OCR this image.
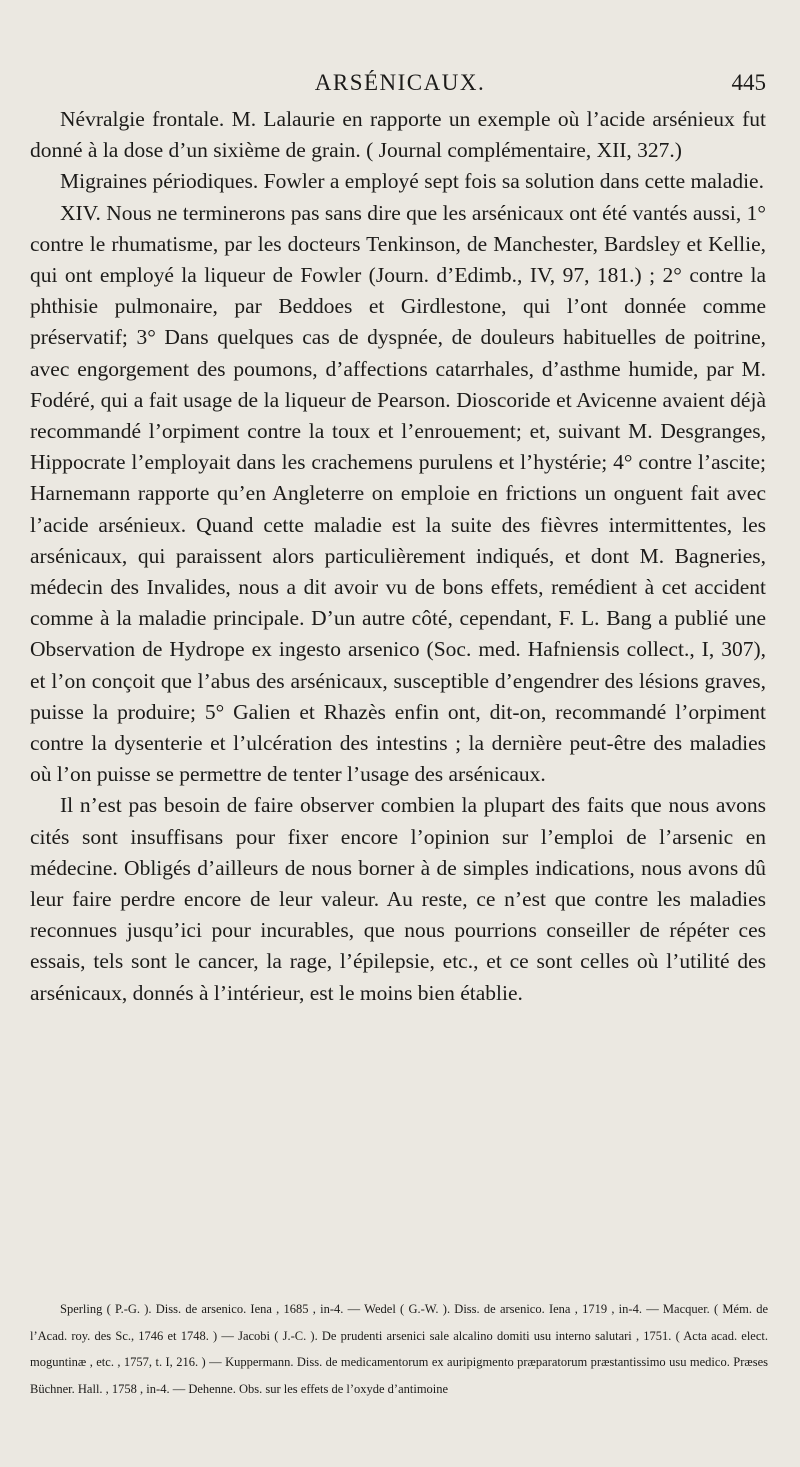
ARSÉNICAUX.	445

Névralgie frontale. M. Lalaurie en rapporte un exemple où l’acide arsénieux fut donné à la dose d’un sixième de grain. ( Journal complémentaire, XII, 327.)

Migraines périodiques. Fowler a employé sept fois sa solution dans cette maladie.

XIV. Nous ne terminerons pas sans dire que les arsénicaux ont été vantés aussi, 1° contre le rhumatisme, par les docteurs Tenkinson, de Manchester, Bardsley et Kellie, qui ont employé la liqueur de Fowler (Journ. d’Edimb., IV, 97, 181.) ; 2° contre la phthisie pulmonaire, par Beddoes et Girdlestone, qui l’ont donnée comme préservatif; 3° Dans quelques cas de dyspnée, de douleurs habituelles de poitrine, avec engorgement des poumons, d’affections catarrhales, d’asthme humide, par M. Fodéré, qui a fait usage de la liqueur de Pearson. Dioscoride et Avicenne avaient déjà recommandé l’orpiment contre la toux et l’enrouement; et, suivant M. Desgranges, Hippocrate l’employait dans les crachemens purulens et l’hystérie; 4° contre l’ascite; Harnemann rapporte qu’en Angleterre on emploie en frictions un onguent fait avec l’acide arsénieux. Quand cette maladie est la suite des fièvres intermittentes, les arsénicaux, qui paraissent alors particulièrement indiqués, et dont M. Bagneries, médecin des Invalides, nous a dit avoir vu de bons effets, remédient à cet accident comme à la maladie principale. D’un autre côté, cependant, F. L. Bang a publié une Observation de Hydrope ex ingesto arsenico (Soc. med. Hafniensis collect., I, 307), et l’on conçoit que l’abus des arsénicaux, susceptible d’engendrer des lésions graves, puisse la produire; 5° Galien et Rhazès enfin ont, dit-on, recommandé l’orpiment contre la dysenterie et l’ulcération des intestins ; la dernière peut-être des maladies où l’on puisse se permettre de tenter l’usage des arsénicaux.

Il n’est pas besoin de faire observer combien la plupart des faits que nous avons cités sont insuffisans pour fixer encore l’opinion sur l’emploi de l’arsenic en médecine. Obligés d’ailleurs de nous borner à de simples indications, nous avons dû leur faire perdre encore de leur valeur. Au reste, ce n’est que contre les maladies reconnues jusqu’ici pour incurables, que nous pourrions conseiller de répéter ces essais, tels sont le cancer, la rage, l’épilepsie, etc., et ce sont celles où l’utilité des arsénicaux, donnés à l’intérieur, est le moins bien établie.

Sperling ( P.-G. ). Diss. de arsenico. Iena , 1685 , in-4. — Wedel ( G.-W. ). Diss. de arsenico. Iena , 1719 , in-4. — Macquer. ( Mém. de l’Acad. roy. des Sc., 1746 et 1748. ) — Jacobi ( J.-C. ). De prudenti arsenici sale alcalino domiti usu interno salutari , 1751. ( Acta acad. elect. moguntinæ , etc. , 1757, t. I, 216. ) — Kuppermann. Diss. de medicamentorum ex auripigmento præparatorum præstantissimo usu medico. Præses Büchner. Hall. , 1758 , in-4. — Dehenne. Obs. sur les effets de l’oxyde d’antimoine
